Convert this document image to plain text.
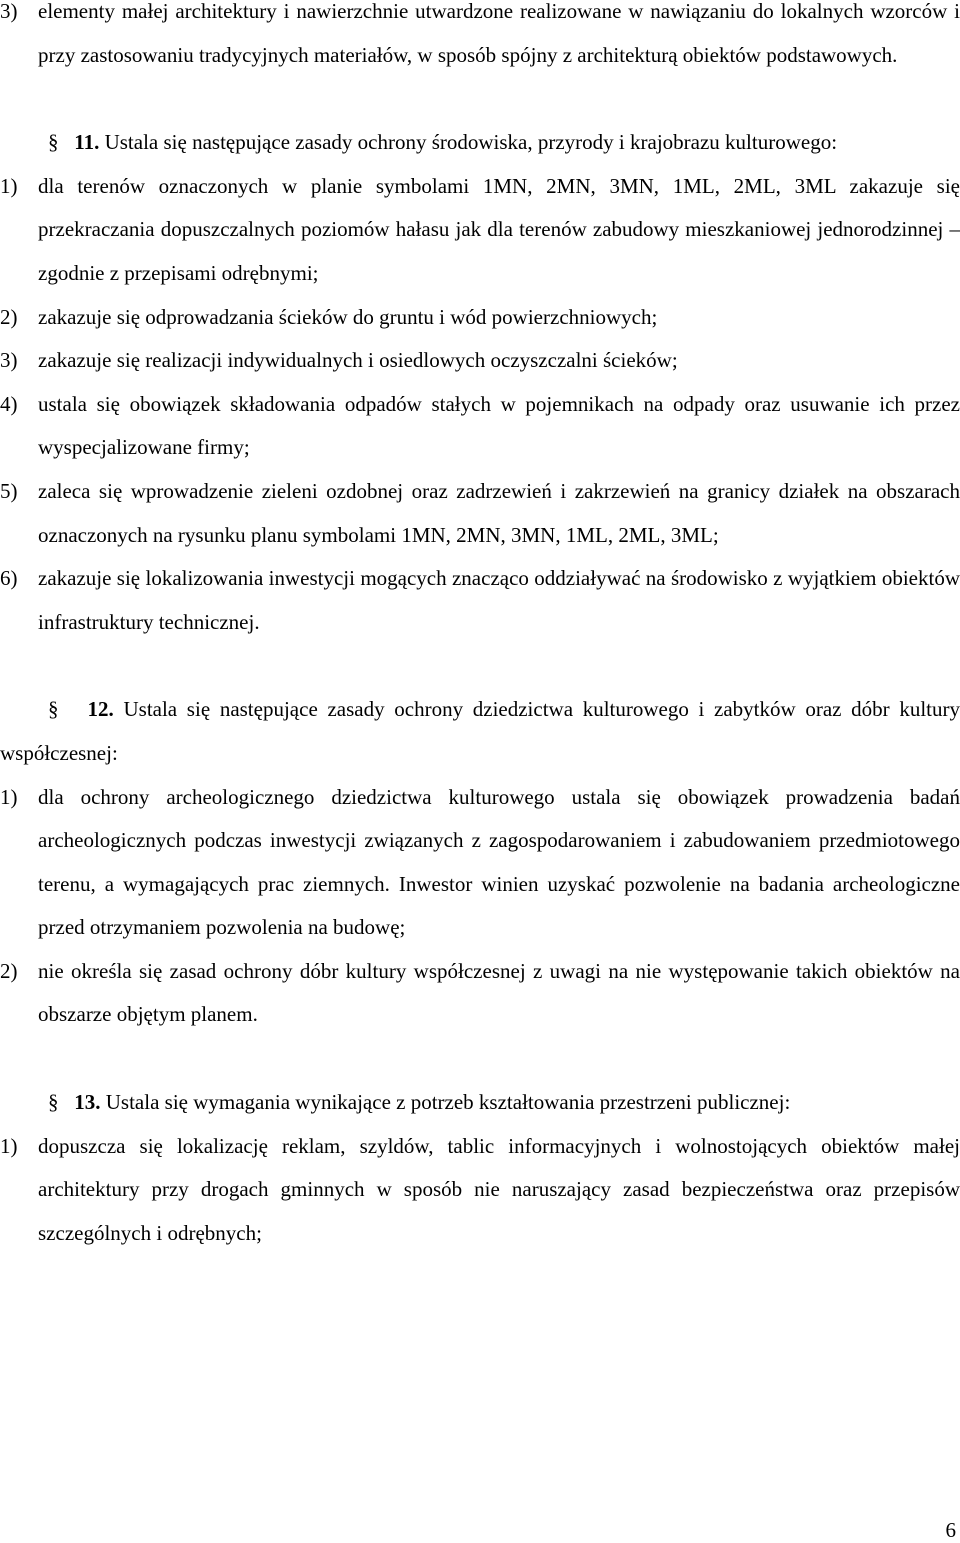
3) elementy małej architektury i nawierzchnie utwardzone realizowane w nawiązaniu do lokalnych wzorców i przy zastosowaniu tradycyjnych materiałów, w sposób spójny z architekturą obiektów podstawowych.

§ 11. Ustala się następujące zasady ochrony środowiska, przyrody i krajobrazu kulturowego:

1) dla terenów oznaczonych w planie symbolami 1MN, 2MN, 3MN, 1ML, 2ML, 3ML zakazuje się przekraczania dopuszczalnych poziomów hałasu jak dla terenów zabudowy mieszkaniowej jednorodzinnej – zgodnie z przepisami odrębnymi;
2) zakazuje się odprowadzania ścieków do gruntu i wód powierzchniowych;
3) zakazuje się realizacji indywidualnych i osiedlowych oczyszczalni ścieków;
4) ustala się obowiązek składowania odpadów stałych w pojemnikach na odpady oraz usuwanie ich przez wyspecjalizowane firmy;
5) zaleca się wprowadzenie zieleni ozdobnej oraz zadrzewień i zakrzewień na granicy działek na obszarach oznaczonych na rysunku planu symbolami 1MN, 2MN, 3MN, 1ML, 2ML, 3ML;
6) zakazuje się lokalizowania inwestycji mogących znacząco oddziaływać na środowisko z wyjątkiem obiektów infrastruktury technicznej.

§ 12. Ustala się następujące zasady ochrony dziedzictwa kulturowego i zabytków oraz dóbr kultury współczesnej:

1) dla ochrony archeologicznego dziedzictwa kulturowego ustala się obowiązek prowadzenia badań archeologicznych podczas inwestycji związanych z zagospodarowaniem i zabudowaniem przedmiotowego terenu, a wymagających prac ziemnych. Inwestor winien uzyskać pozwolenie na badania archeologiczne przed otrzymaniem pozwolenia na budowę;
2) nie określa się zasad ochrony dóbr kultury współczesnej z uwagi na nie występowanie takich obiektów na obszarze objętym planem.

§ 13. Ustala się wymagania wynikające z potrzeb kształtowania przestrzeni publicznej:

1) dopuszcza się lokalizację reklam, szyldów, tablic informacyjnych i wolnostojących obiektów małej architektury przy drogach gminnych w sposób nie naruszający zasad bezpieczeństwa oraz przepisów szczególnych i odrębnych;
6
